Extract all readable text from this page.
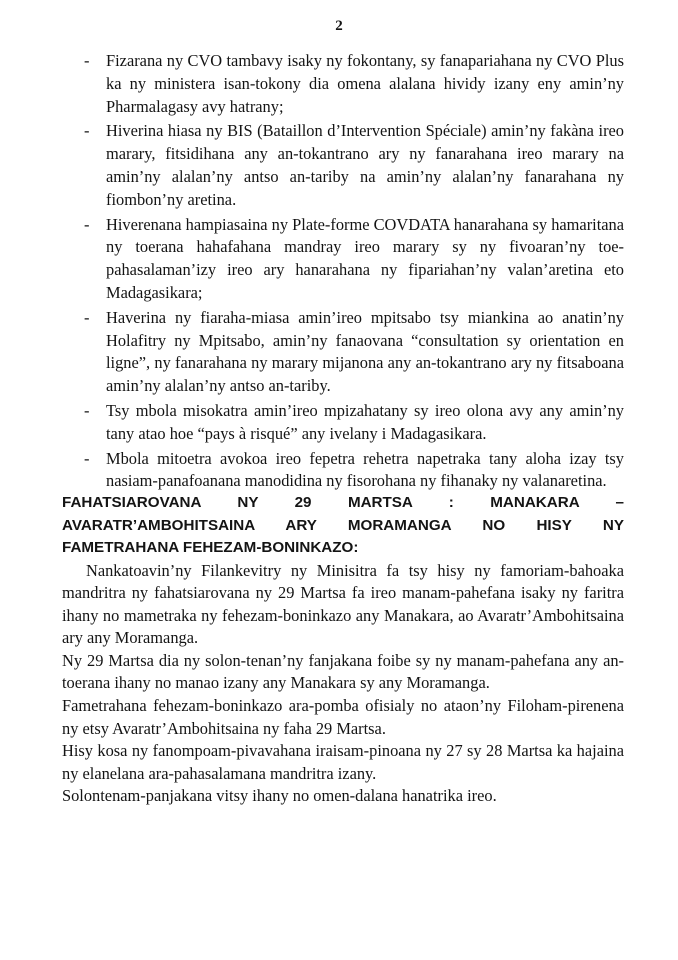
2
- Fizarana ny CVO tambavy isaky ny fokontany, sy fanapariahana ny CVO Plus ka ny ministera isan-tokony dia omena alalana hividy izany eny amin’ny Pharmalagasy avy hatrany;
- Hiverina hiasa ny BIS (Bataillon d’Intervention Spéciale) amin’ny fakàna ireo marary, fitsidihana any an-tokantrano ary ny fanarahana ireo marary na amin’ny alalan’ny antso an-tariby na amin’ny alalan’ny fanarahana ny fiombon’ny aretina.
- Hiverenana hampiasaina ny Plate-forme COVDATA hanarahana sy hamaritana ny toerana hahafahana mandray ireo marary sy ny fivoaran’ny toe-pahasalaman’izy ireo ary hanarahana ny fipariahan’ny valan’aretina eto Madagasikara;
- Haverina ny fiaraha-miasa amin’ireo mpitsabo tsy miankina ao anatin’ny Holafitry ny Mpitsabo, amin’ny fanaovana “consultation sy orientation en ligne”, ny fanarahana ny marary mijanona any an-tokantrano ary ny fitsaboana amin’ny alalan’ny antso an-tariby.
- Tsy mbola misokatra amin’ireo mpizahatany sy ireo olona avy any amin’ny tany atao hoe “pays à risqué” any ivelany i Madagasikara.
- Mbola mitoetra avokoa ireo fepetra rehetra napetraka tany aloha izay tsy nasiam-panafoanana manodidina ny fisorohana ny fihanaky ny valanaretina.
FAHATSIAROVANA NY 29 MARTSA : MANAKARA –
AVARATR’AMBOHITSAINA ARY MORAMANGA NO HISY NY
FAMETRAHANA FEHEZAM-BONINKAZO:

Nankatoavin’ny Filankevitry ny Minisitra fa tsy hisy ny famoriam-bahoaka mandritra ny fahatsiarovana ny 29 Martsa fa ireo manam-pahefana isaky ny faritra ihany no mametraka ny fehezam-boninkazo any Manakara, ao Avaratr’Ambohitsaina ary any Moramanga.

Ny 29 Martsa dia ny solon-tenan’ny fanjakana foibe sy ny manam-pahefana any an-toerana ihany no manao izany any Manakara sy any Moramanga.

Fametrahana fehezam-boninkazo ara-pomba ofisialy no ataon’ny Filoham-pirenena ny etsy Avaratr’Ambohitsaina ny faha 29 Martsa.

Hisy kosa ny fanompoam-pivavahana iraisam-pinoana ny 27 sy 28 Martsa ka hajaina ny elanelana ara-pahasalamana mandritra izany.

Solontenam-panjakana vitsy ihany no omen-dalana hanatrika ireo.
